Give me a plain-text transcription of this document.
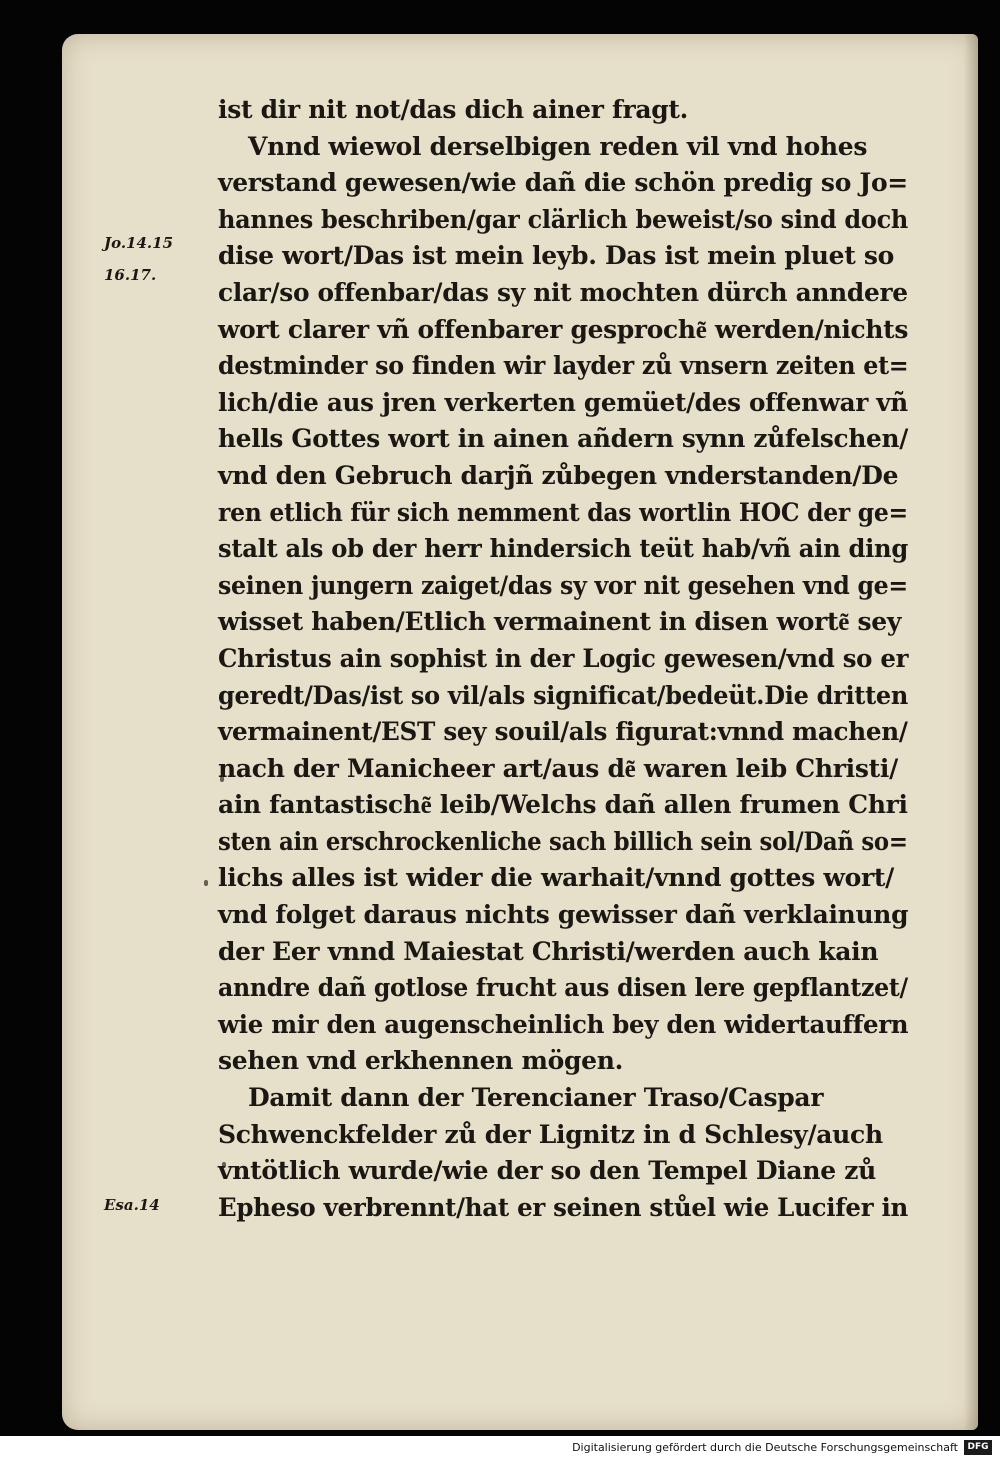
Jo.14.15
16.17.
Esa.14
ist dir nit not/das dich ainer fragt.
Vnnd wiewol derselbigen reden vil vnd hohes
verstand gewesen/wie dañ die schön predig so Jo=
hannes beschriben/gar clärlich beweist/so sind doch
dise wort/Das ist mein leyb. Das ist mein pluet so
clar/so offenbar/das sy nit mochten dürch anndere
wort clarer vñ offenbarer gesproche͂ werden/nichts
destminder so finden wir layder zů vnsern zeiten et=
lich/die aus jren verkerten gemüet/des offenwar vñ
hells Gottes wort in ainen añdern synn zůfelschen/
vnd den Gebruch darjñ zůbegen vnderstanden/De
ren etlich für sich nemment das wortlin HOC der ge=
stalt als ob der herr hindersich teüt hab/vñ ain ding
seinen jungern zaiget/das sy vor nit gesehen vnd ge=
wisset haben/Etlich vermainent in disen worte͂ sey
Christus ain sophist in der Logic gewesen/vnd so er
geredt/Das/ist so vil/als significat/bedeüt.Die dritten
vermainent/EST sey souil/als figurat:vnnd machen/
nach der Manicheer art/aus de͂ waren leib Christi/
ain fantastische͂ leib/Welchs dañ allen frumen Chri
sten ain erschrockenliche sach billich sein sol/Dañ so=
lichs alles ist wider die warhait/vnnd gottes wort/
vnd folget daraus nichts gewisser dañ verklainung
der Eer vnnd Maiestat Christi/werden auch kain
anndre dañ gotlose frucht aus disen lere gepflantzet/
wie mir den augenscheinlich bey den widertauffern
sehen vnd erkhennen mögen.
Damit dann der Terencianer Traso/Caspar
Schwenckfelder zů der Lignitz in d Schlesy/auch
vntötlich wurde/wie der so den Tempel Diane zů
Epheso verbrennt/hat er seinen stůel wie Lucifer in
Digitalisierung gefördert durch die Deutsche Forschungsgemeinschaft	DFG
